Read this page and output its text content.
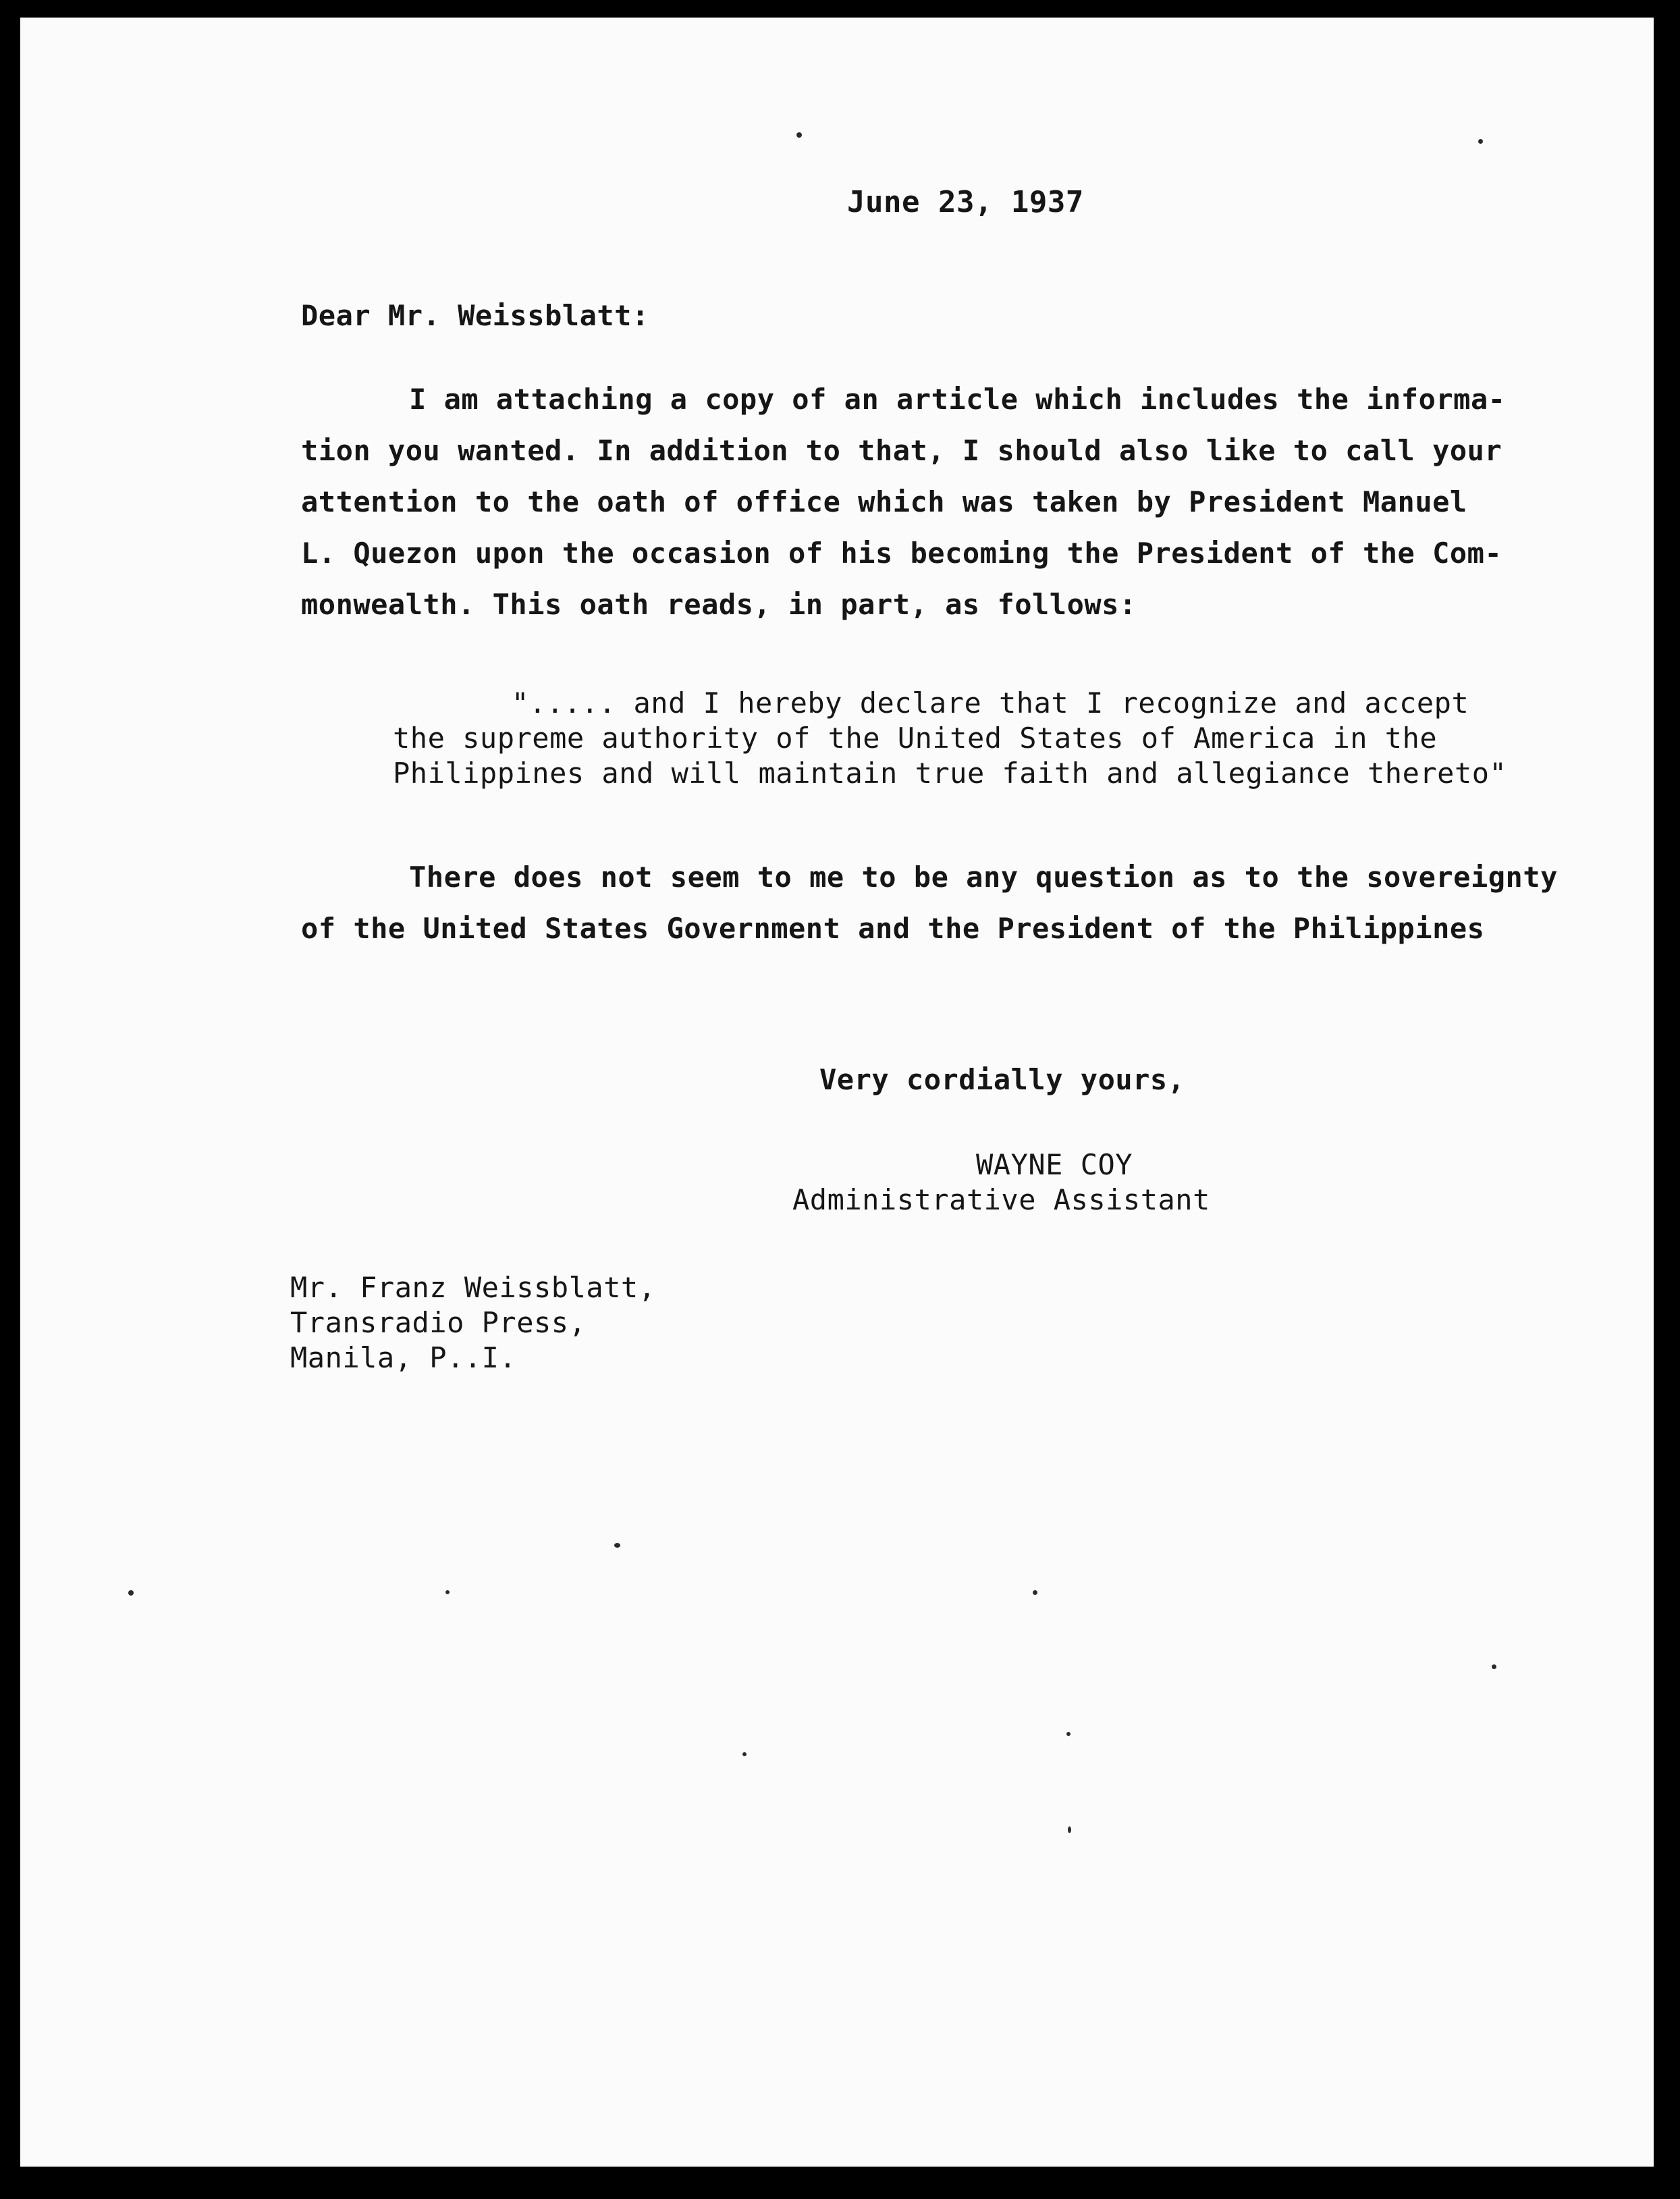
June 23, 1937
Dear Mr. Weissblatt:
I am attaching a copy of an article which includes the informa-
tion you wanted. In addition to that, I should also like to call your
attention to the oath of office which was taken by President Manuel
L. Quezon upon the occasion of his becoming the President of the Com-
monwealth. This oath reads, in part, as follows:
"..... and I hereby declare that I recognize and accept
the supreme authority of the United States of America in the
Philippines and will maintain true faith and allegiance thereto"
There does not seem to me to be any question as to the sovereignty
of the United States Government and the President of the Philippines
Very cordially yours,
WAYNE COY
Administrative Assistant
Mr. Franz Weissblatt,
Transradio Press,
Manila, P..I.
